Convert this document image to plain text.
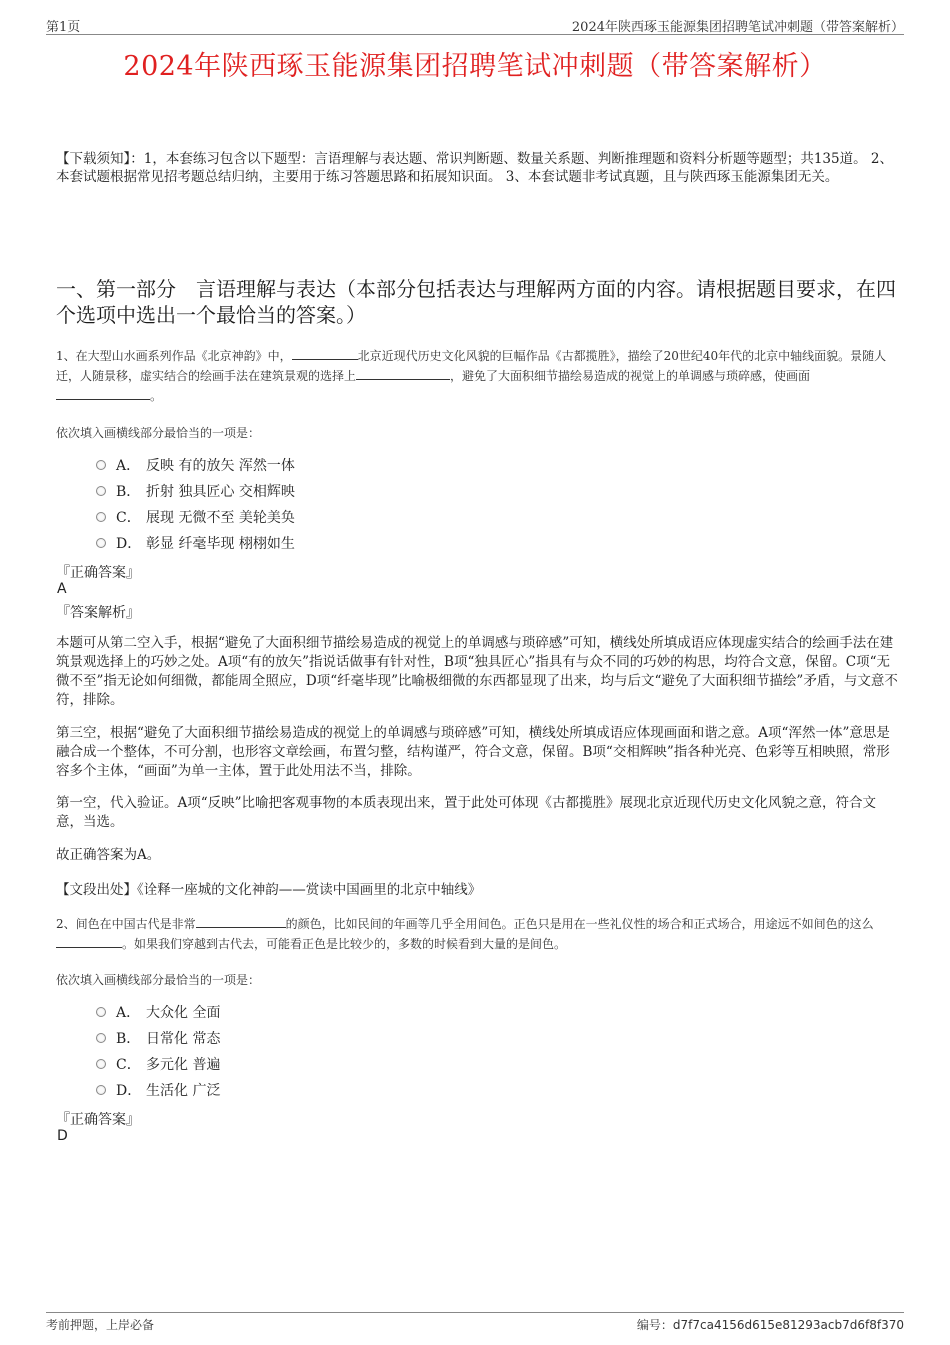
第1页	2024年陕西琢玉能源集团招聘笔试冲刺题（带答案解析）
2024年陕西琢玉能源集团招聘笔试冲刺题（带答案解析）
【下载须知】：1，本套练习包含以下题型：言语理解与表达题、常识判断题、数量关系题、判断推理题和资料分析题等题型；共135道。 2、本套试题根据常见招考题总结归纳，主要用于练习答题思路和拓展知识面。 3、本套试题非考试真题，且与陕西琢玉能源集团无关。
一、第一部分　言语理解与表达（本部分包括表达与理解两方面的内容。请根据题目要求，在四个选项中选出一个最恰当的答案。）
1、在大型山水画系列作品《北京神韵》中，	北京近现代历史文化风貌的巨幅作品《古都揽胜》，描绘了20世纪40年代的北京中轴线面貌。景随人迁，人随景移，虚实结合的绘画手法在建筑景观的选择上	，避免了大面积细节描绘易造成的视觉上的单调感与琐碎感，使画面。
依次填入画横线部分最恰当的一项是：
A． 反映 有的放矢 浑然一体
B． 折射 独具匠心 交相辉映
C． 展现 无微不至 美轮美奂
D． 彰显 纤毫毕现 栩栩如生
『正确答案』
A
『答案解析』
本题可从第二空入手，根据“避免了大面积细节描绘易造成的视觉上的单调感与琐碎感”可知，横线处所填成语应体现虚实结合的绘画手法在建筑景观选择上的巧妙之处。A项“有的放矢”指说话做事有针对性，B项“独具匠心”指具有与众不同的巧妙的构思，均符合文意，保留。C项“无微不至”指无论如何细微，都能周全照应，D项“纤毫毕现”比喻极细微的东西都显现了出来，均与后文“避免了大面积细节描绘”矛盾，与文意不符，排除。
第三空，根据“避免了大面积细节描绘易造成的视觉上的单调感与琐碎感”可知，横线处所填成语应体现画面和谐之意。A项“浑然一体”意思是融合成一个整体，不可分割，也形容文章绘画，布置匀整，结构谨严，符合文意，保留。B项“交相辉映”指各种光亮、色彩等互相映照，常形容多个主体，“画面”为单一主体，置于此处用法不当，排除。
第一空，代入验证。A项“反映”比喻把客观事物的本质表现出来，置于此处可体现《古都揽胜》展现北京近现代历史文化风貌之意，符合文意，当选。
故正确答案为A。
【文段出处】《诠释一座城的文化神韵——赏读中国画里的北京中轴线》
2、间色在中国古代是非常	的颜色，比如民间的年画等几乎全用间色。正色只是用在一些礼仪性的场合和正式场合，用途远不如间色的这么。如果我们穿越到古代去，可能看正色是比较少的，多数的时候看到大量的是间色。
依次填入画横线部分最恰当的一项是：
A． 大众化 全面
B． 日常化 常态
C． 多元化 普遍
D． 生活化 广泛
『正确答案』
D
考前押题，上岸必备	编号：d7f7ca4156d615e81293acb7d6f8f370
